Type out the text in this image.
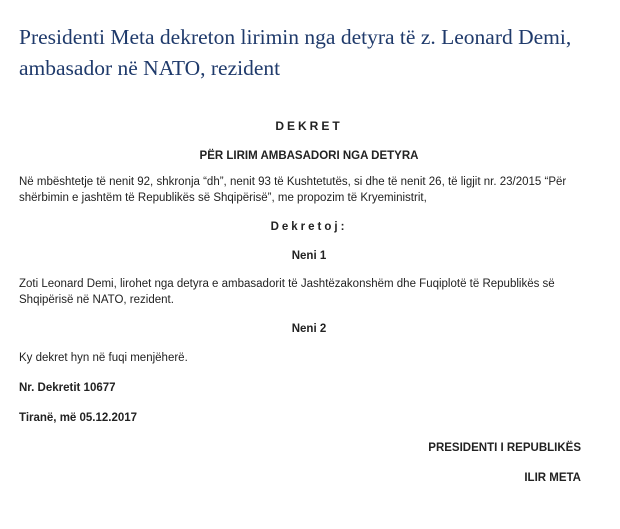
Presidenti Meta dekreton lirimin nga detyra të z. Leonard Demi, ambasador në NATO, rezident

DEKRET

PËR LIRIM AMBASADORI NGA DETYRA

Në mbështetje të nenit 92, shkronja “dh”, nenit 93 të Kushtetutës, si dhe të nenit 26, të ligjit nr. 23/2015 “Për shërbimin e jashtëm të Republikës së Shqipërisë”, me propozim të Kryeministrit,

Dekretoj:

Neni 1

Zoti Leonard Demi, lirohet nga detyra e ambasadorit të Jashtëzakonshëm dhe Fuqiplotë të Republikës së Shqipërisë në NATO, rezident.

Neni 2

Ky dekret hyn në fuqi menjëherë.

Nr. Dekretit 10677

Tiranë, më 05.12.2017

PRESIDENTI I REPUBLIKËS

ILIR META
